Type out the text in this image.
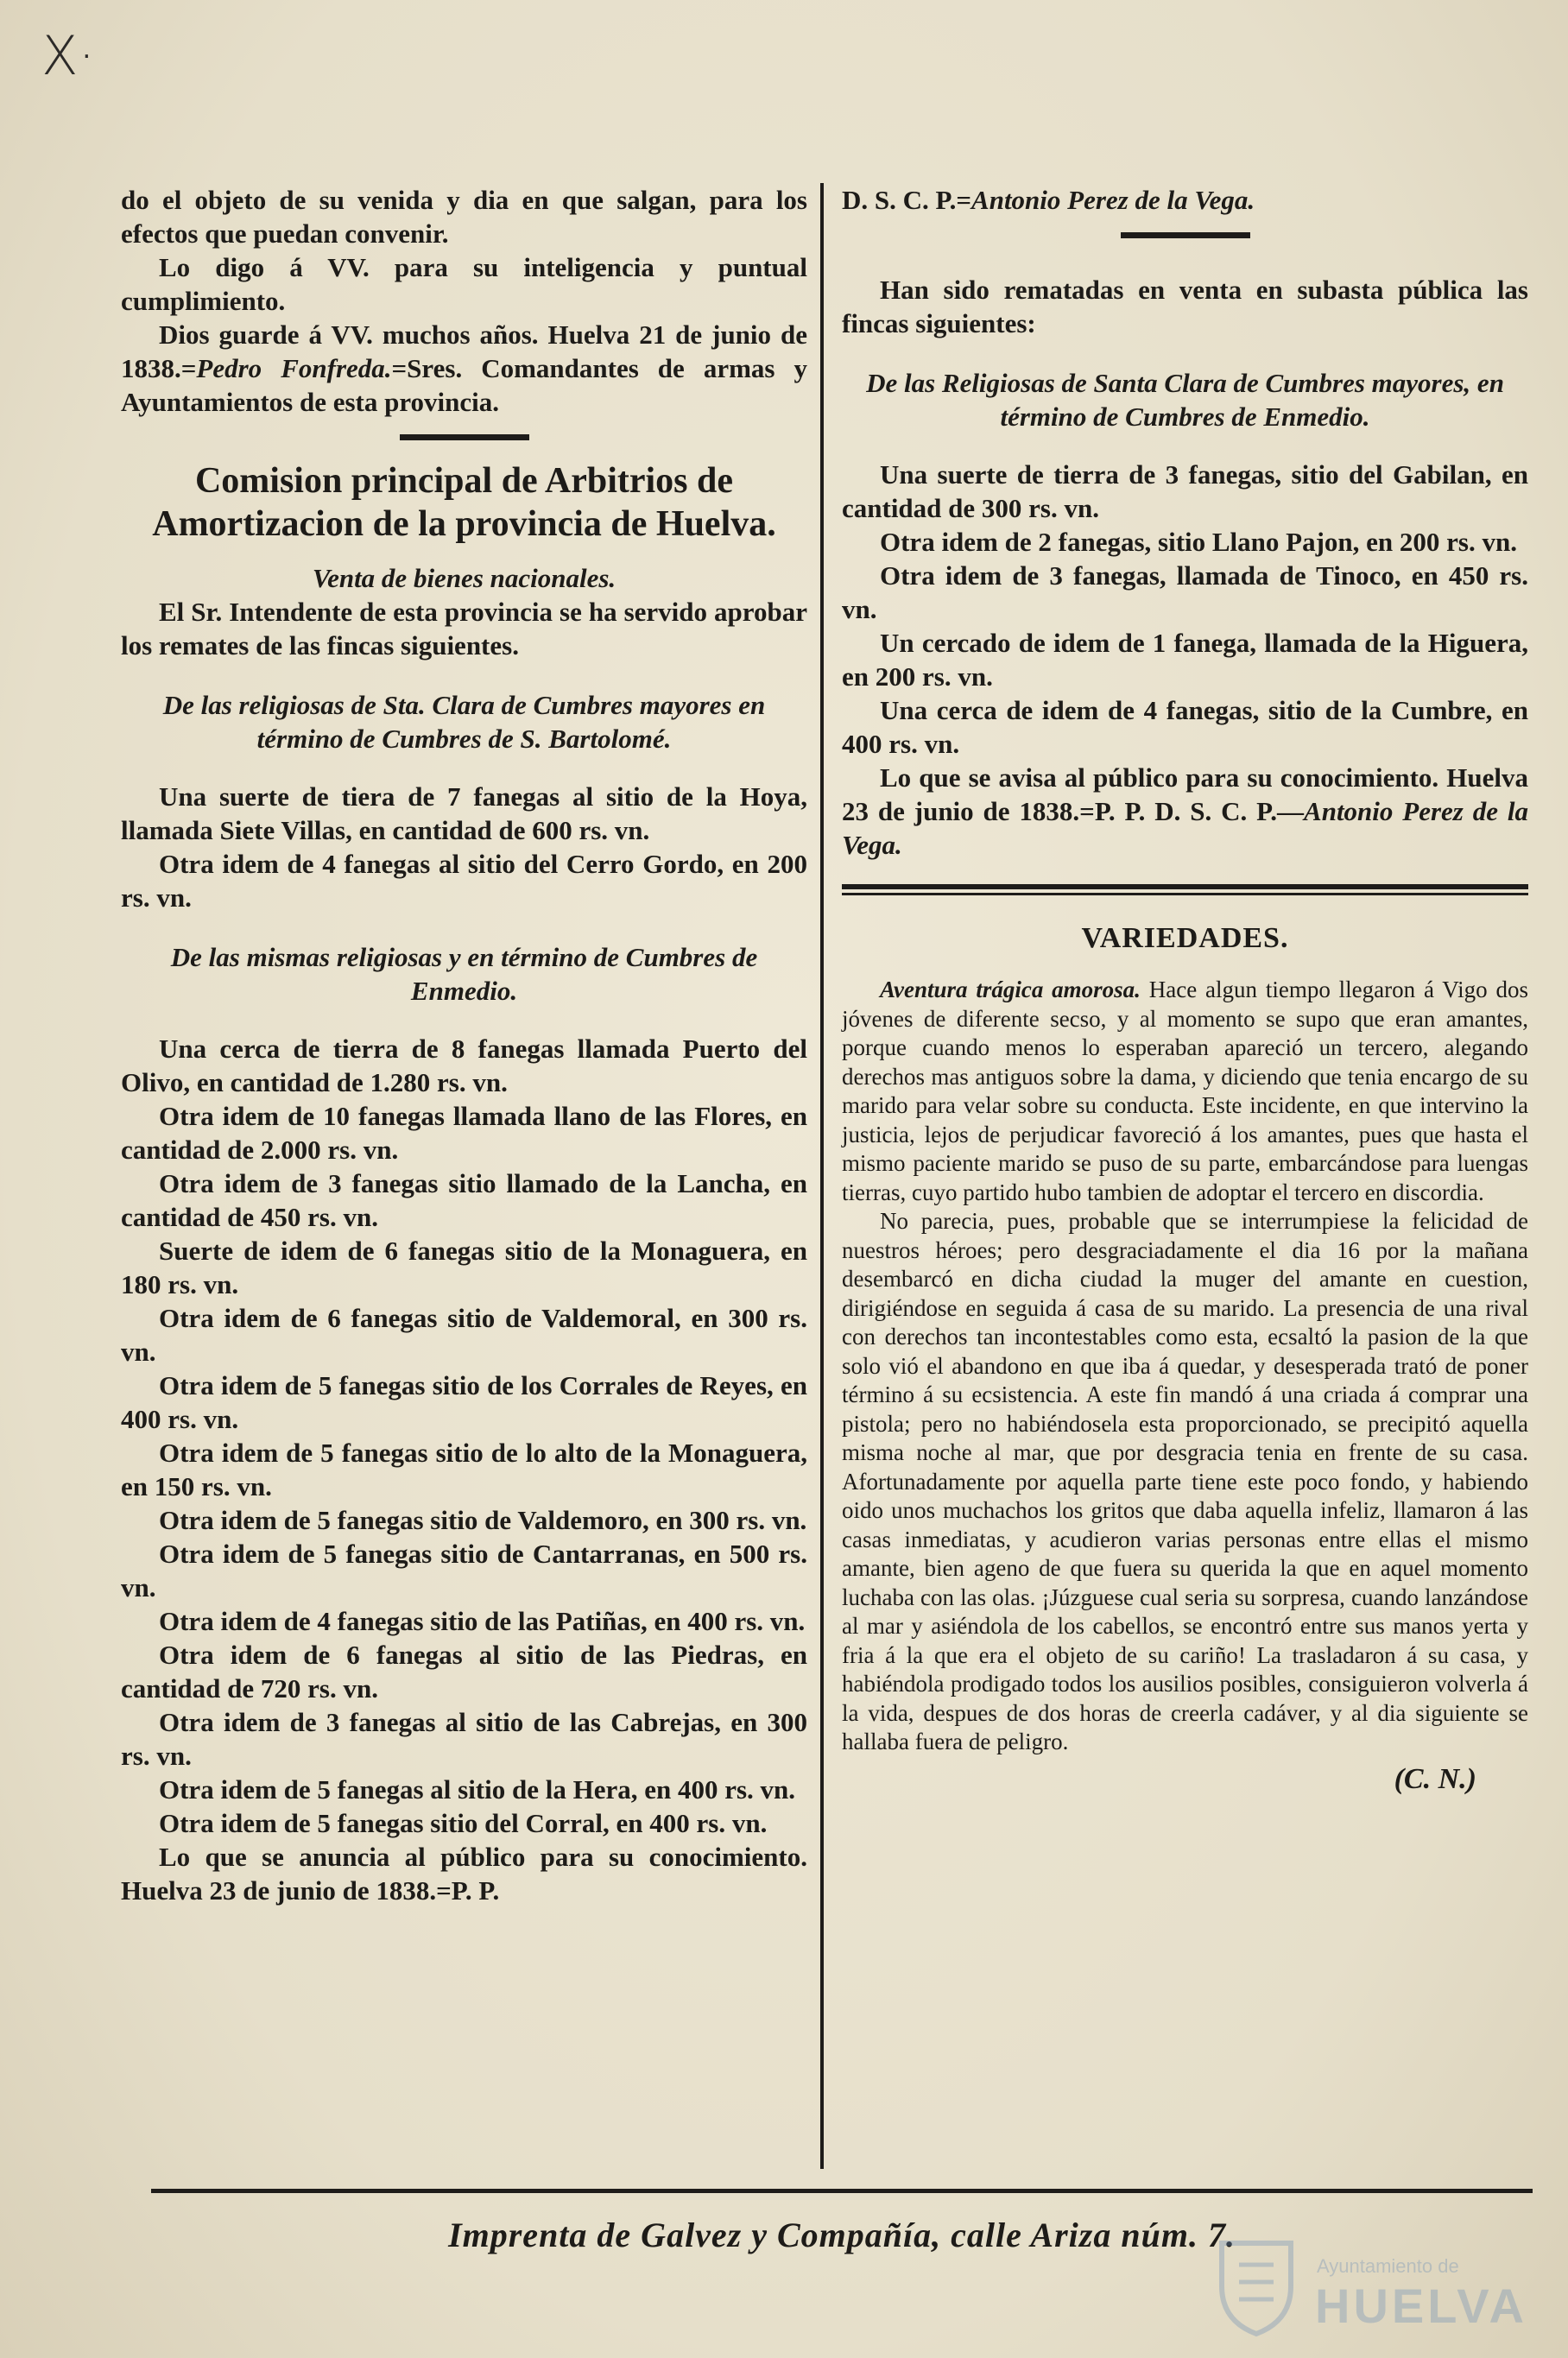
X·

do el objeto de su venida y dia en que salgan, para los efectos que puedan convenir.

Lo digo á VV. para su inteligencia y puntual cumplimiento.

Dios guarde á VV. muchos años. Huelva 21 de junio de 1838.=Pedro Fonfreda.=Sres. Comandantes de armas y Ayuntamientos de esta provincia.

Comision principal de Arbitrios de Amortizacion de la provincia de Huelva.

Venta de bienes nacionales.

El Sr. Intendente de esta provincia se ha servido aprobar los remates de las fincas siguientes.

De las religiosas de Sta. Clara de Cumbres mayores en término de Cumbres de S. Bartolomé.

Una suerte de tiera de 7 fanegas al sitio de la Hoya, llamada Siete Villas, en cantidad de 600 rs. vn.

Otra idem de 4 fanegas al sitio del Cerro Gordo, en 200 rs. vn.

De las mismas religiosas y en término de Cumbres de Enmedio.

Una cerca de tierra de 8 fanegas llamada Puerto del Olivo, en cantidad de 1.280 rs. vn.

Otra idem de 10 fanegas llamada llano de las Flores, en cantidad de 2.000 rs. vn.

Otra idem de 3 fanegas sitio llamado de la Lancha, en cantidad de 450 rs. vn.

Suerte de idem de 6 fanegas sitio de la Monaguera, en 180 rs. vn.

Otra idem de 6 fanegas sitio de Valdemoral, en 300 rs. vn.

Otra idem de 5 fanegas sitio de los Corrales de Reyes, en 400 rs. vn.

Otra idem de 5 fanegas sitio de lo alto de la Monaguera, en 150 rs. vn.

Otra idem de 5 fanegas sitio de Valdemoro, en 300 rs. vn.

Otra idem de 5 fanegas sitio de Cantarranas, en 500 rs. vn.

Otra idem de 4 fanegas sitio de las Patiñas, en 400 rs. vn.

Otra idem de 6 fanegas al sitio de las Piedras, en cantidad de 720 rs. vn.

Otra idem de 3 fanegas al sitio de las Cabrejas, en 300 rs. vn.

Otra idem de 5 fanegas al sitio de la Hera, en 400 rs. vn.

Otra idem de 5 fanegas sitio del Corral, en 400 rs. vn.

Lo que se anuncia al público para su conocimiento. Huelva 23 de junio de 1838.=P. P.

D. S. C. P.=Antonio Perez de la Vega.

Han sido rematadas en venta en subasta pública las fincas siguientes:

De las Religiosas de Santa Clara de Cumbres mayores, en término de Cumbres de Enmedio.

Una suerte de tierra de 3 fanegas, sitio del Gabilan, en cantidad de 300 rs. vn.

Otra idem de 2 fanegas, sitio Llano Pajon, en 200 rs. vn.

Otra idem de 3 fanegas, llamada de Tinoco, en 450 rs. vn.

Un cercado de idem de 1 fanega, llamada de la Higuera, en 200 rs. vn.

Una cerca de idem de 4 fanegas, sitio de la Cumbre, en 400 rs. vn.

Lo que se avisa al público para su conocimiento. Huelva 23 de junio de 1838.=P. P. D. S. C. P.—Antonio Perez de la Vega.

VARIEDADES.

Aventura trágica amorosa. Hace algun tiempo llegaron á Vigo dos jóvenes de diferente secso, y al momento se supo que eran amantes, porque cuando menos lo esperaban apareció un tercero, alegando derechos mas antiguos sobre la dama, y diciendo que tenia encargo de su marido para velar sobre su conducta. Este incidente, en que intervino la justicia, lejos de perjudicar favoreció á los amantes, pues que hasta el mismo paciente marido se puso de su parte, embarcándose para luengas tierras, cuyo partido hubo tambien de adoptar el tercero en discordia.

No parecia, pues, probable que se interrumpiese la felicidad de nuestros héroes; pero desgraciadamente el dia 16 por la mañana desembarcó en dicha ciudad la muger del amante en cuestion, dirigiéndose en seguida á casa de su marido. La presencia de una rival con derechos tan incontestables como esta, ecsaltó la pasion de la que solo vió el abandono en que iba á quedar, y desesperada trató de poner término á su ecsistencia. A este fin mandó á una criada á comprar una pistola; pero no habiéndosela esta proporcionado, se precipitó aquella misma noche al mar, que por desgracia tenia en frente de su casa. Afortunadamente por aquella parte tiene este poco fondo, y habiendo oido unos muchachos los gritos que daba aquella infeliz, llamaron á las casas inmediatas, y acudieron varias personas entre ellas el mismo amante, bien ageno de que fuera su querida la que en aquel momento luchaba con las olas. ¡Júzguese cual seria su sorpresa, cuando lanzándose al mar y asiéndola de los cabellos, se encontró entre sus manos yerta y fria á la que era el objeto de su cariño! La trasladaron á su casa, y habiéndola prodigado todos los ausilios posibles, consiguieron volverla á la vida, despues de dos horas de creerla cadáver, y al dia siguiente se hallaba fuera de peligro.

(C. N.)
Imprenta de Galvez y Compañía, calle Ariza núm. 7.
Ayuntamiento de
HUELVA
